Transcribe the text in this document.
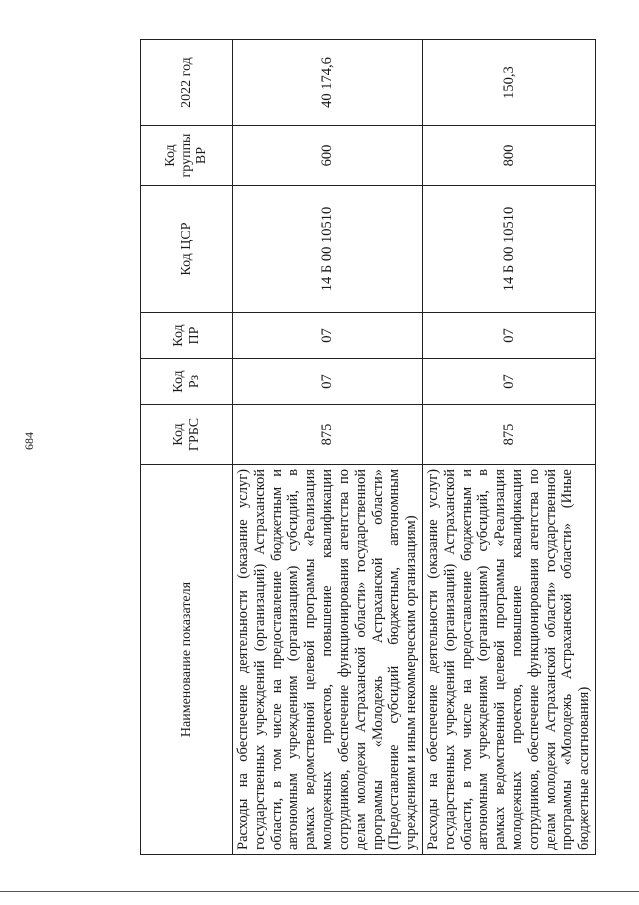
684
Наименование показателя	Код ГРБС	Код Рз	Код ПР	Код ЦСР	Код группы ВР	2022 год
Расходы на обеспечение деятельности (оказание услуг) государственных учреждений (организаций) Астраханской области, в том числе на предоставление бюджетным и автономным учреждениям (организациям) субсидий, в рамках ведомственной целевой программы «Реализация молодежных проектов, повышение квалификации сотрудников, обеспечение функционирования агентства по делам молодежи Астраханской области» государственной программы «Молодежь Астраханской области» (Предоставление субсидий бюджетным, автономным учреждениям и иным некоммерческим организациям)	875	07	07	14 Б 00 10510	600	40 174,6
Расходы на обеспечение деятельности (оказание услуг) государственных учреждений (организаций) Астраханской области, в том числе на предоставление бюджетным и автономным учреждениям (организациям) субсидий, в рамках ведомственной целевой программы «Реализация молодежных проектов, повышение квалификации сотрудников, обеспечение функционирования агентства по делам молодежи Астраханской области» государственной программы «Молодежь Астраханской области» (Иные бюджетные ассигнования)	875	07	07	14 Б 00 10510	800	150,3
